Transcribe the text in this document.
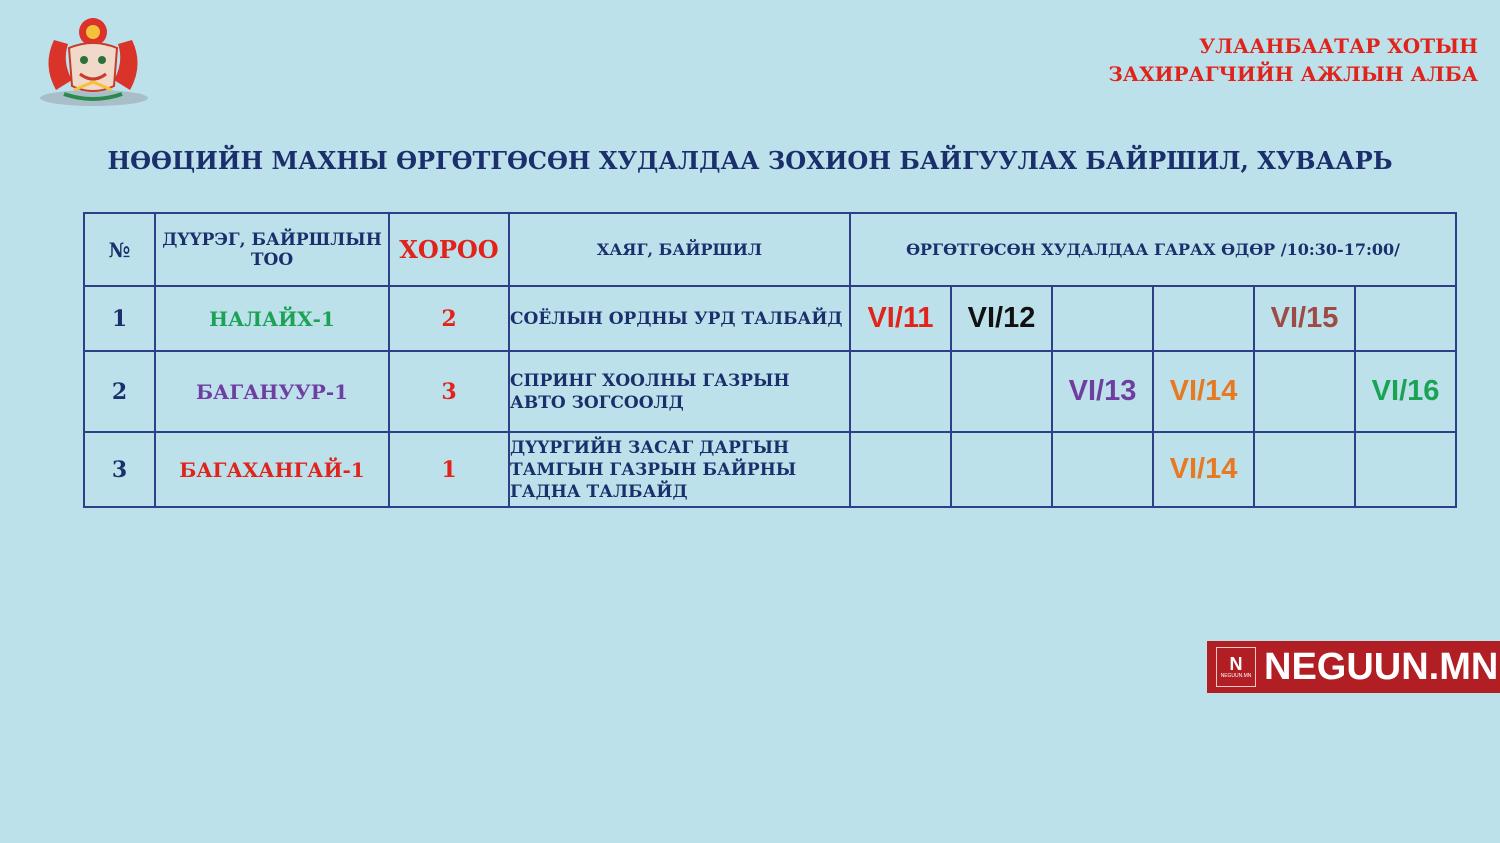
УЛААНБААТАР ХОТЫН
ЗАХИРАГЧИЙН АЖЛЫН АЛБА
НӨӨЦИЙН МАХНЫ ӨРГӨТГӨСӨН ХУДАЛДАА ЗОХИОН БАЙГУУЛАХ БАЙРШИЛ, ХУВААРЬ
№	ДҮҮРЭГ, БАЙРШЛЫН ТОО	ХОРОО	ХАЯГ, БАЙРШИЛ	ӨРГӨТГӨСӨН ХУДАЛДАА ГАРАХ ӨДӨР /10:30-17:00/					
1	НАЛАЙХ-1	2	СОЁЛЫН ОРДНЫ УРД ТАЛБАЙД	VI/11	VI/12			VI/15	
2	БАГАНУУР-1	3	СПРИНГ ХООЛНЫ ГАЗРЫН АВТО ЗОГСООЛД			VI/13	VI/14		VI/16
3	БАГАХАНГАЙ-1	1	ДҮҮРГИЙН ЗАСАГ ДАРГЫН ТАМГЫН ГАЗРЫН БАЙРНЫ ГАДНА ТАЛБАЙД				VI/14		
N
NEGUUN.MN NEGUUN.MN
